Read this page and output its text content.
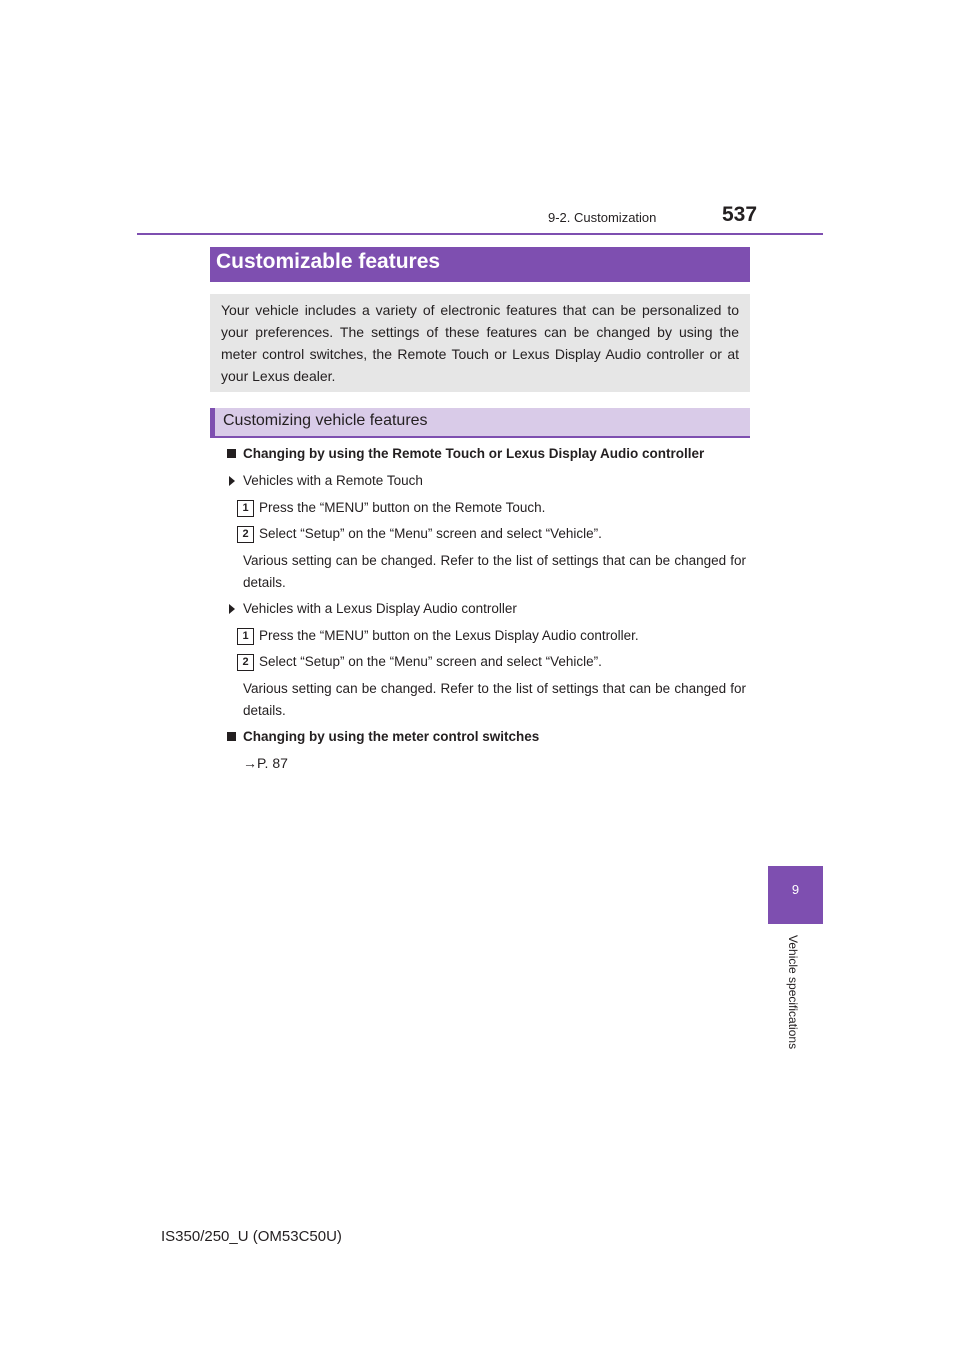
9-2. Customization	537
Customizable features

Your vehicle includes a variety of electronic features that can be personalized to your preferences. The settings of these features can be changed by using the meter control switches, the Remote Touch or Lexus Display Audio controller or at your Lexus dealer.

Customizing vehicle features
Changing by using the Remote Touch or Lexus Display Audio controller
Vehicles with a Remote Touch
1 Press the “MENU” button on the Remote Touch.
2 Select “Setup” on the “Menu” screen and select “Vehicle”.
Various setting can be changed. Refer to the list of settings that can be changed for details.
Vehicles with a Lexus Display Audio controller
1 Press the “MENU” button on the Lexus Display Audio controller.
2 Select “Setup” on the “Menu” screen and select “Vehicle”.
Various setting can be changed. Refer to the list of settings that can be changed for details.
Changing by using the meter control switches
→P. 87
9
Vehicle specifications
IS350/250_U (OM53C50U)
